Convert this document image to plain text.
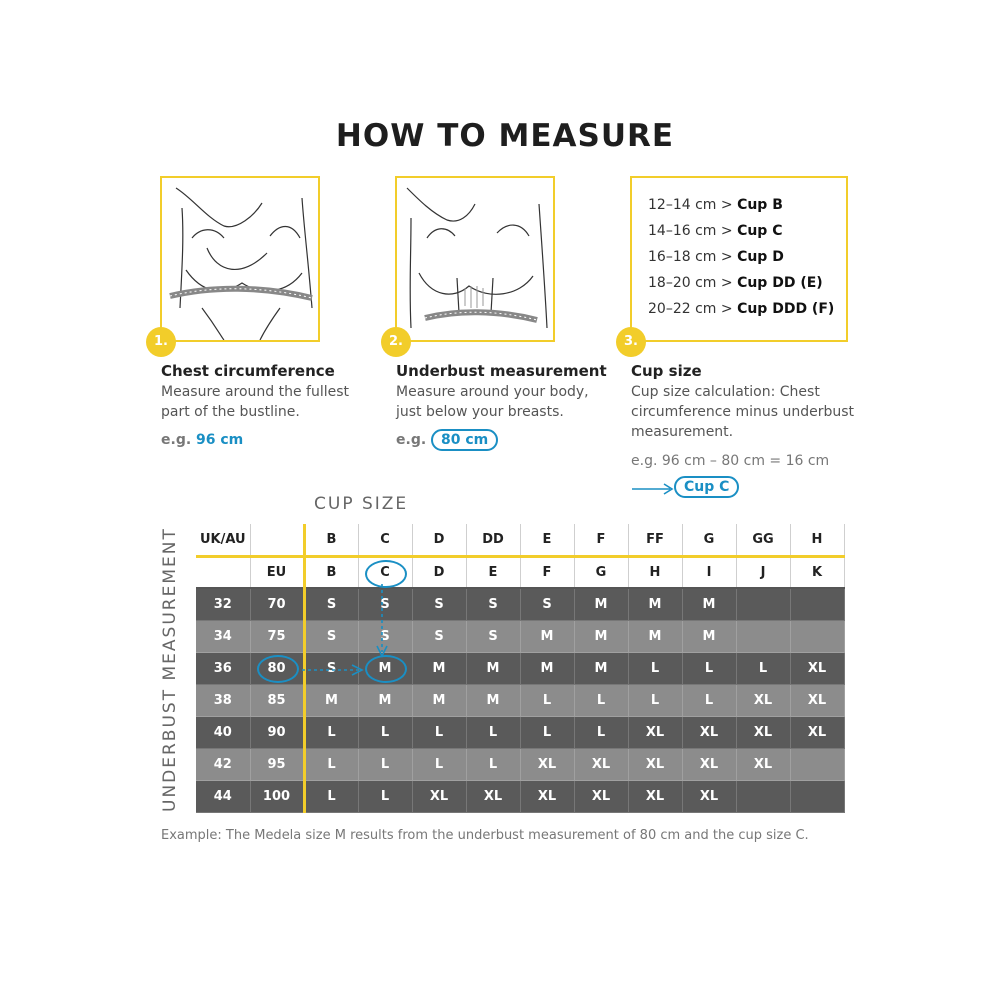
HOW TO MEASURE
1.
Chest circumference
Measure around the fullest part of the bustline.
e.g. 96 cm
2.
Underbust measurement
Measure around your body, just below your breasts.
e.g. 80 cm
12–14 cm > Cup B
14–16 cm > Cup C
16–18 cm > Cup D
18–20 cm > Cup DD (E)
20–22 cm > Cup DDD (F)
3.
Cup size
Cup size calculation: Chest circumference minus underbust measurement.
e.g. 96 cm – 80 cm = 16 cm
Cup C
CUP SIZE
UNDERBUST MEASUREMENT UK/AU		B	C	D	DD	E	F	FF	G	GG	H
	EU	B	C	D	E	F	G	H	I	J	K
32	70	S	S	S	S	S	M	M	M		
34	75	S	S	S	S	M	M	M	M		
36	80	S	M	M	M	M	M	L	L	L	XL
38	85	M	M	M	M	L	L	L	L	XL	XL
40	90	L	L	L	L	L	L	XL	XL	XL	XL
42	95	L	L	L	L	XL	XL	XL	XL	XL	
44	100	L	L	XL	XL	XL	XL	XL	XL		
Example: The Medela size M results from the underbust measurement of 80 cm and the cup size C.
